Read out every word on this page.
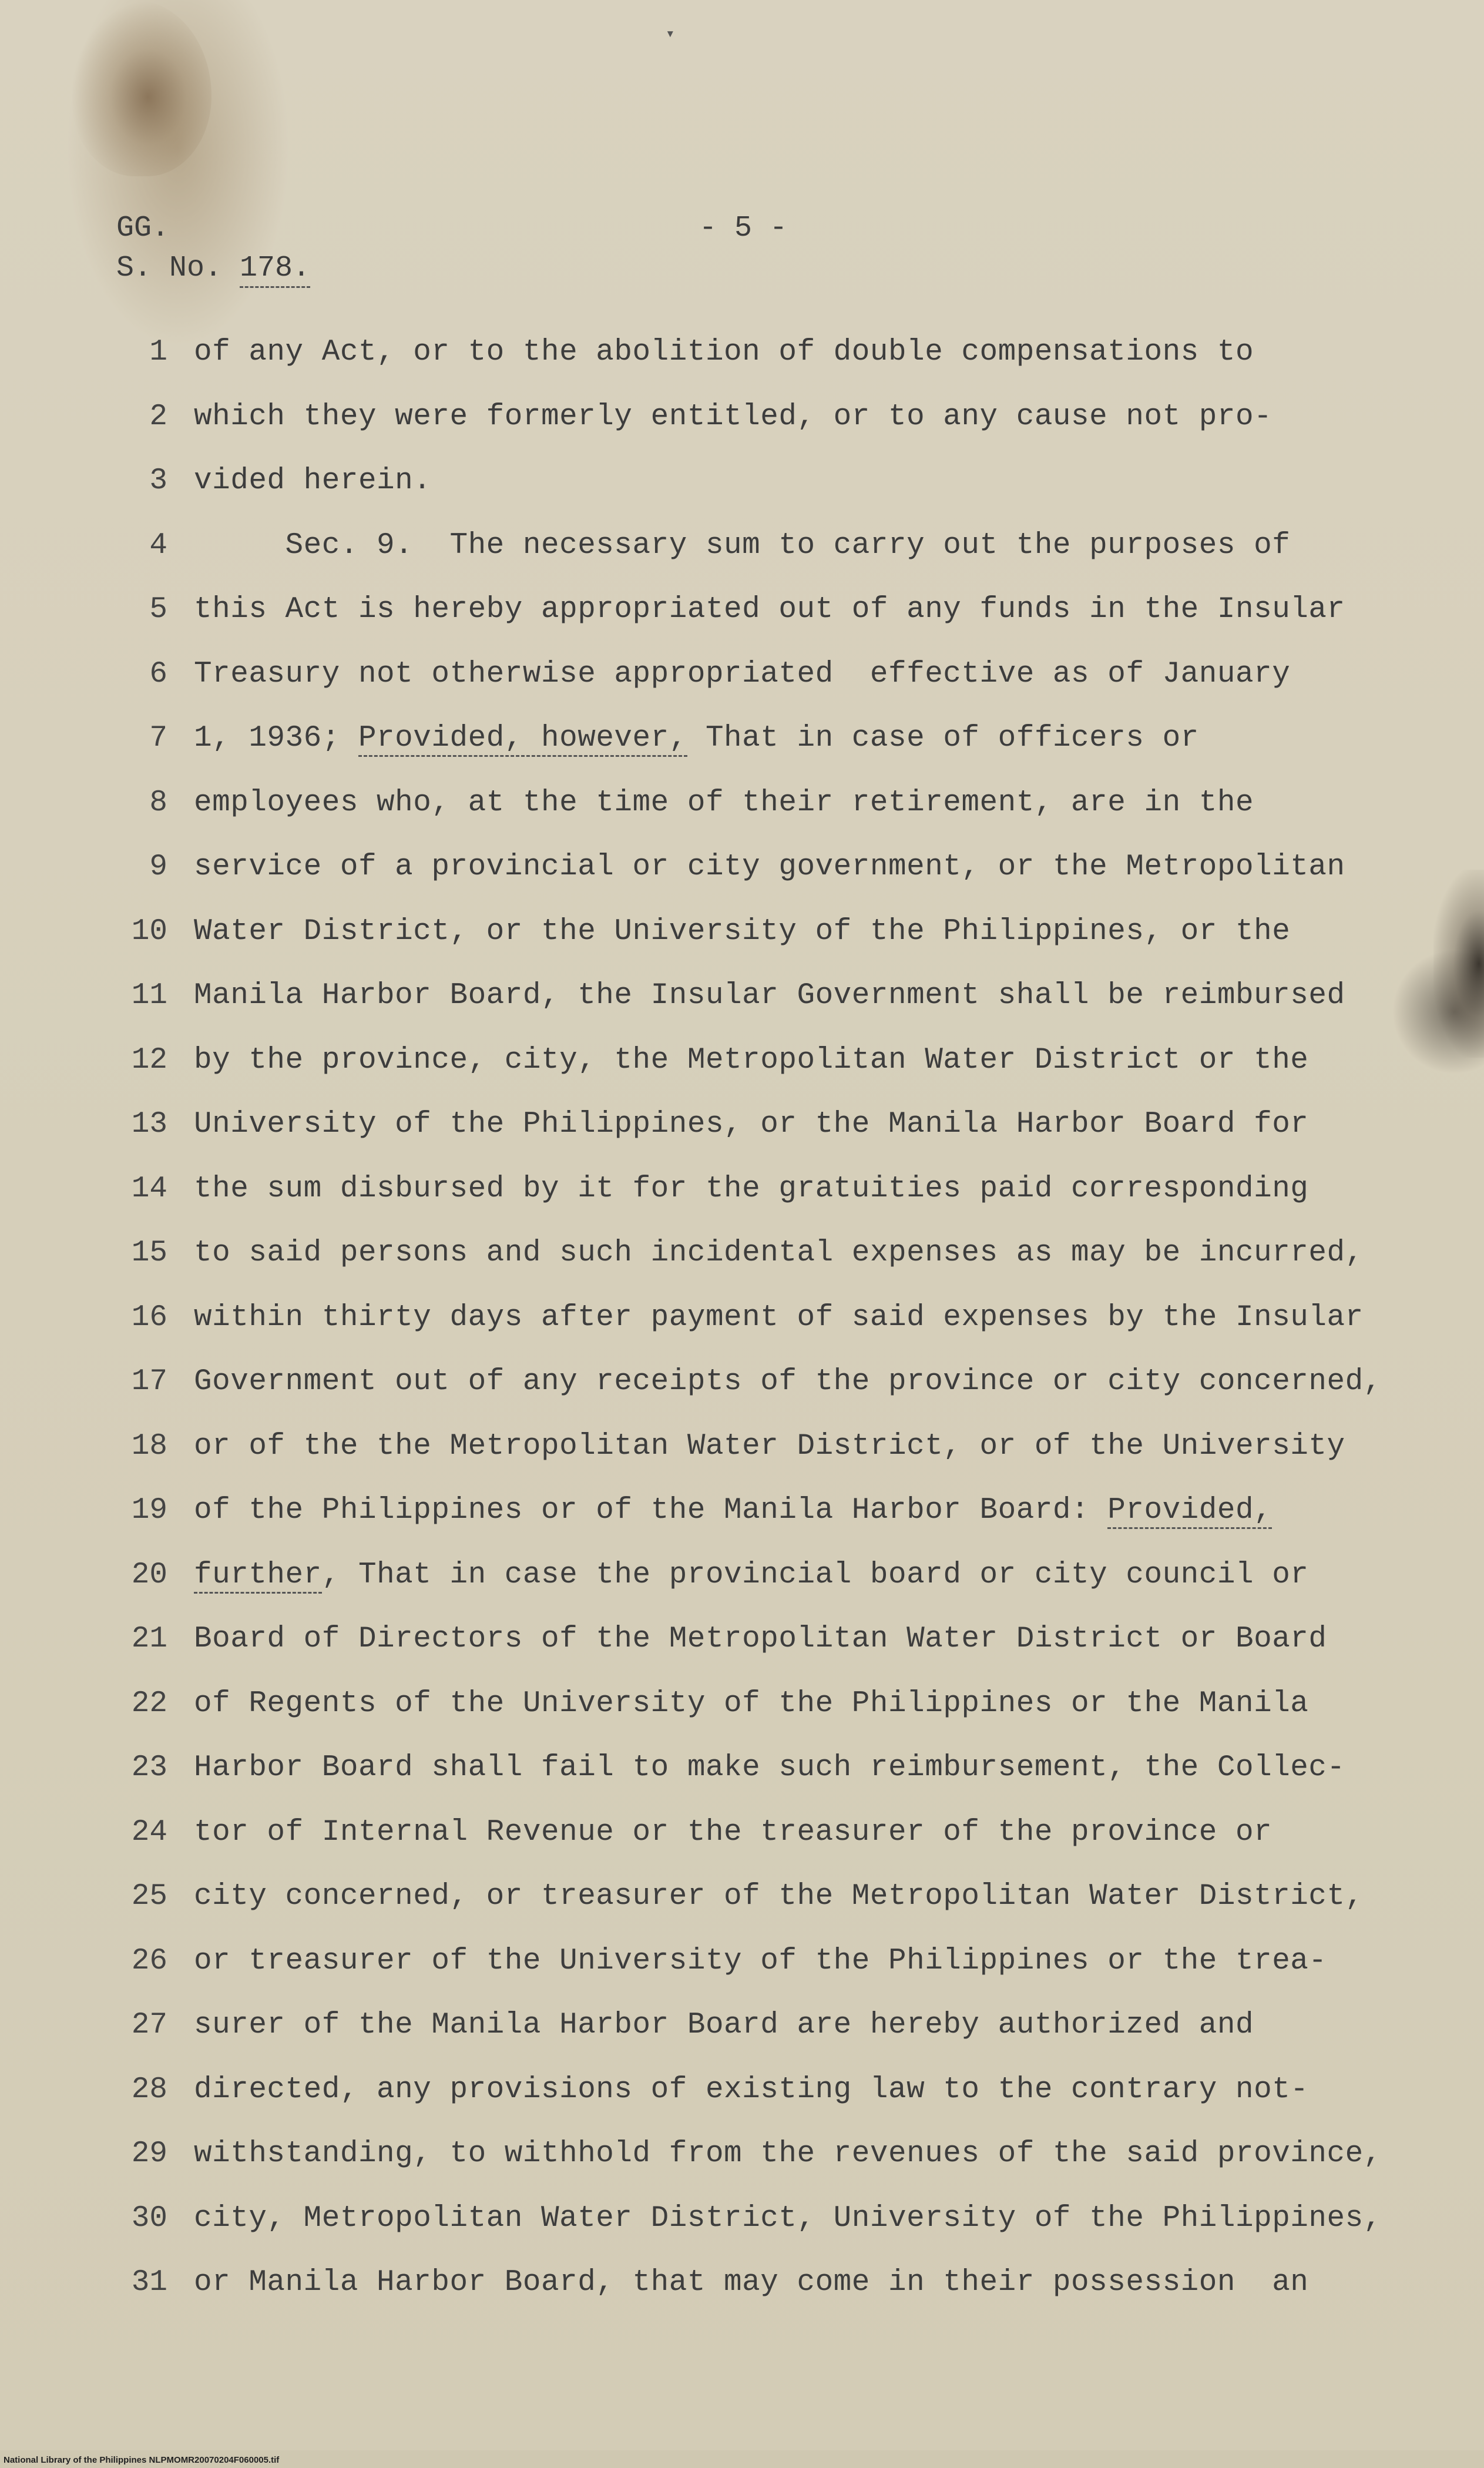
▾
GG.
S. No. 178.
- 5 -
1 of any Act, or to the abolition of double compensations to
2 which they were formerly entitled, or to any cause not pro-
3 vided herein.
4 Sec. 9.  The necessary sum to carry out the purposes of
5 this Act is hereby appropriated out of any funds in the Insular
6 Treasury not otherwise appropriated  effective as of January
7 1, 1936; Provided, however, That in case of officers or
8 employees who, at the time of their retirement, are in the
9 service of a provincial or city government, or the Metropolitan
10 Water District, or the University of the Philippines, or the
11 Manila Harbor Board, the Insular Government shall be reimbursed
12 by the province, city, the Metropolitan Water District or the
13 University of the Philippines, or the Manila Harbor Board for
14 the sum disbursed by it for the gratuities paid corresponding
15 to said persons and such incidental expenses as may be incurred,
16 within thirty days after payment of said expenses by the Insular
17 Government out of any receipts of the province or city concerned,
18 or of the the Metropolitan Water District, or of the University
19 of the Philippines or of the Manila Harbor Board: Provided,
20 further, That in case the provincial board or city council or
21 Board of Directors of the Metropolitan Water District or Board
22 of Regents of the University of the Philippines or the Manila
23 Harbor Board shall fail to make such reimbursement, the Collec-
24 tor of Internal Revenue or the treasurer of the province or
25 city concerned, or treasurer of the Metropolitan Water District,
26 or treasurer of the University of the Philippines or the trea-
27 surer of the Manila Harbor Board are hereby authorized and
28 directed, any provisions of existing law to the contrary not-
29 withstanding, to withhold from the revenues of the said province,
30 city, Metropolitan Water District, University of the Philippines,
31 or Manila Harbor Board, that may come in their possession  an
National Library of the Philippines NLPMOMR20070204F060005.tif
